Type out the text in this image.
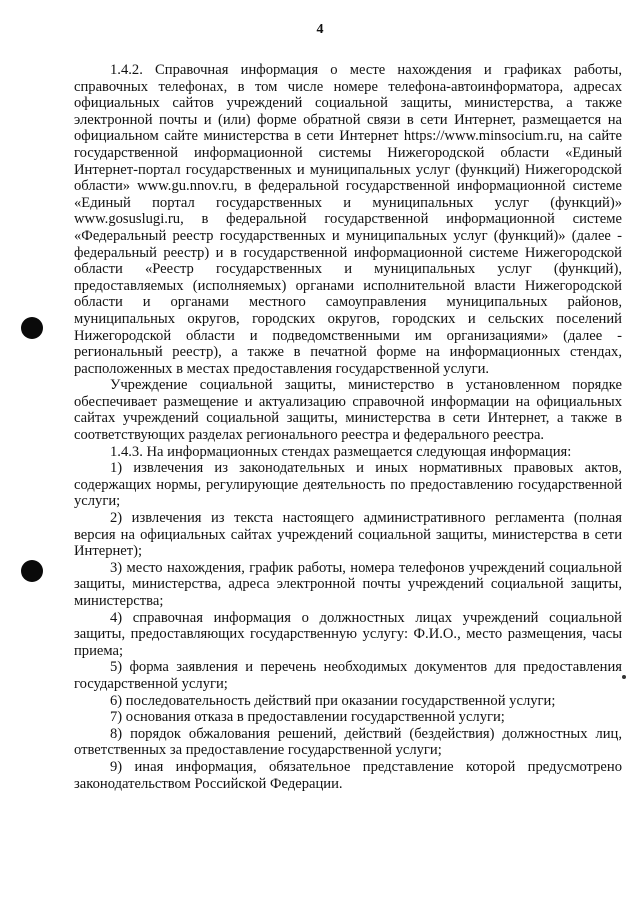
4

1.4.2. Справочная информация о месте нахождения и графиках работы, справочных телефонах, в том числе номере телефона-автоинформатора, адресах официальных сайтов учреждений социальной защиты, министерства, а также электронной почты и (или) форме обратной связи в сети Интернет, размещается на официальном сайте министерства в сети Интернет https://www.minsocium.ru, на сайте государственной информационной системы Нижегородской области «Единый Интернет-портал государственных и муниципальных услуг (функций) Нижегородской области» www.gu.nnov.ru, в федеральной государственной информационной системе «Единый портал государственных и муниципальных услуг (функций)» www.gosuslugi.ru, в федеральной государственной информационной системе «Федеральный реестр государственных и муниципальных услуг (функций)» (далее - федеральный реестр) и в государственной информационной системе Нижегородской области «Реестр государственных и муниципальных услуг (функций), предоставляемых (исполняемых) органами исполнительной власти Нижегородской области и органами местного самоуправления муниципальных районов, муниципальных округов, городских округов, городских и сельских поселений Нижегородской области и подведомственными им организациями» (далее - региональный реестр), а также в печатной форме на информационных стендах, расположенных в местах предоставления государственной услуги.

Учреждение социальной защиты, министерство в установленном порядке обеспечивает размещение и актуализацию справочной информации на официальных сайтах учреждений социальной защиты, министерства в сети Интернет, а также в соответствующих разделах регионального реестра и федерального реестра.

1.4.3. На информационных стендах размещается следующая информация:

1) извлечения из законодательных и иных нормативных правовых актов, содержащих нормы, регулирующие деятельность по предоставлению государственной услуги;

2) извлечения из текста настоящего административного регламента (полная версия на официальных сайтах учреждений социальной защиты, министерства в сети Интернет);

3) место нахождения, график работы, номера телефонов учреждений социальной защиты, министерства, адреса электронной почты учреждений социальной защиты, министерства;

4) справочная информация о должностных лицах учреждений социальной защиты, предоставляющих государственную услугу: Ф.И.О., место размещения, часы приема;

5) форма заявления и перечень необходимых документов для предоставления государственной услуги;

6) последовательность действий при оказании государственной услуги;

7) основания отказа в предоставлении государственной услуги;

8) порядок обжалования решений, действий (бездействия) должностных лиц, ответственных за предоставление государственной услуги;

9) иная информация, обязательное представление которой предусмотрено законодательством Российской Федерации.
